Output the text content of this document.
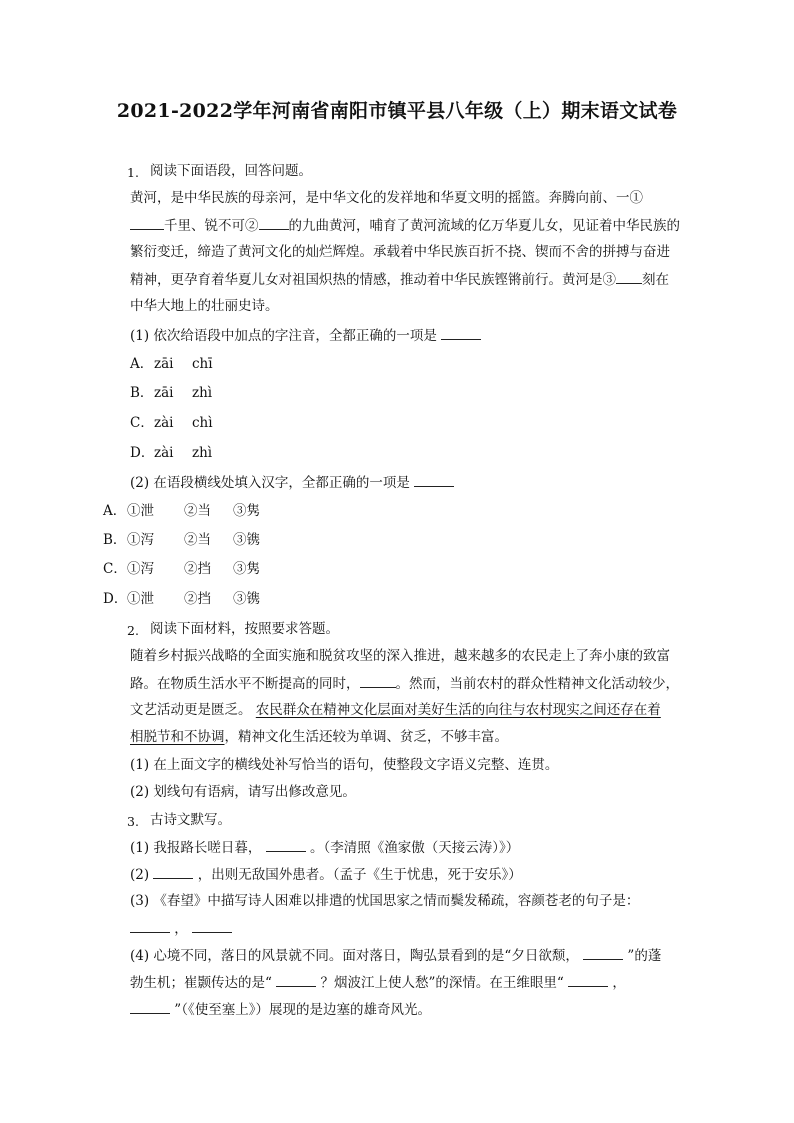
2021-2022学年河南省南阳市镇平县八年级（上）期末语文试卷
1. 阅读下面语段，回答问题。
黄河，是中华民族的母亲河，是中华文化的发祥地和华夏文明的摇篮。奔腾向前、一①
千里、锐不可② 的九曲黄河，哺育了黄河流域的亿万华夏儿女，见证着中华民族的
繁衍变迁，缔造了黄河文化的灿烂辉煌。承载着中华民族百折不挠、锲而不舍的拼搏与奋进
精神，更孕育着华夏儿女对祖国炽热的情感，推动着中华民族铿锵前行。黄河是③ 刻在
中华大地上的壮丽史诗。
(1) 依次给语段中加点的字注音，全都正确的一项是
A．zāi chī
B．zāi zhì
C．zài chì
D．zài zhì
(2) 在语段横线处填入汉字，全都正确的一项是
A．①泄 ②当 ③隽
B．①泻 ②当 ③镌
C．①泻 ②挡 ③隽
D．①泄 ②挡 ③镌
2. 阅读下面材料，按照要求答题。
随着乡村振兴战略的全面实施和脱贫攻坚的深入推进，越来越多的农民走上了奔小康的致富
路。在物质生活水平不断提高的同时，	。然而，当前农村的群众性精神文化活动较少，
文艺活动更是匮乏。 农民群众在精神文化层面对美好生活的向往与农村现实之间还存在着
相脱节和不协调，精神文化生活还较为单调、贫乏，不够丰富。
(1) 在上面文字的横线处补写恰当的语句，使整段文字语义完整、连贯。
(2) 划线句有语病，请写出修改意见。
3. 古诗文默写。
(1) 我报路长嗟日暮，	。（李清照《渔家傲（天接云涛）》）
(2)	，出则无敌国外患者。（孟子《生于忧患，死于安乐》）
(3) 《春望》中描写诗人困难以排遣的忧国思家之情而鬓发稀疏，容颜苍老的句子是：
，
(4) 心境不同，落日的风景就不同。面对落日，陶弘景看到的是“夕日欲颓，	”的蓬
勃生机；崔颢传达的是“	？烟波江上使人愁”的深情。在王维眼里“	，
”（《使至塞上》）展现的是边塞的雄奇风光。
